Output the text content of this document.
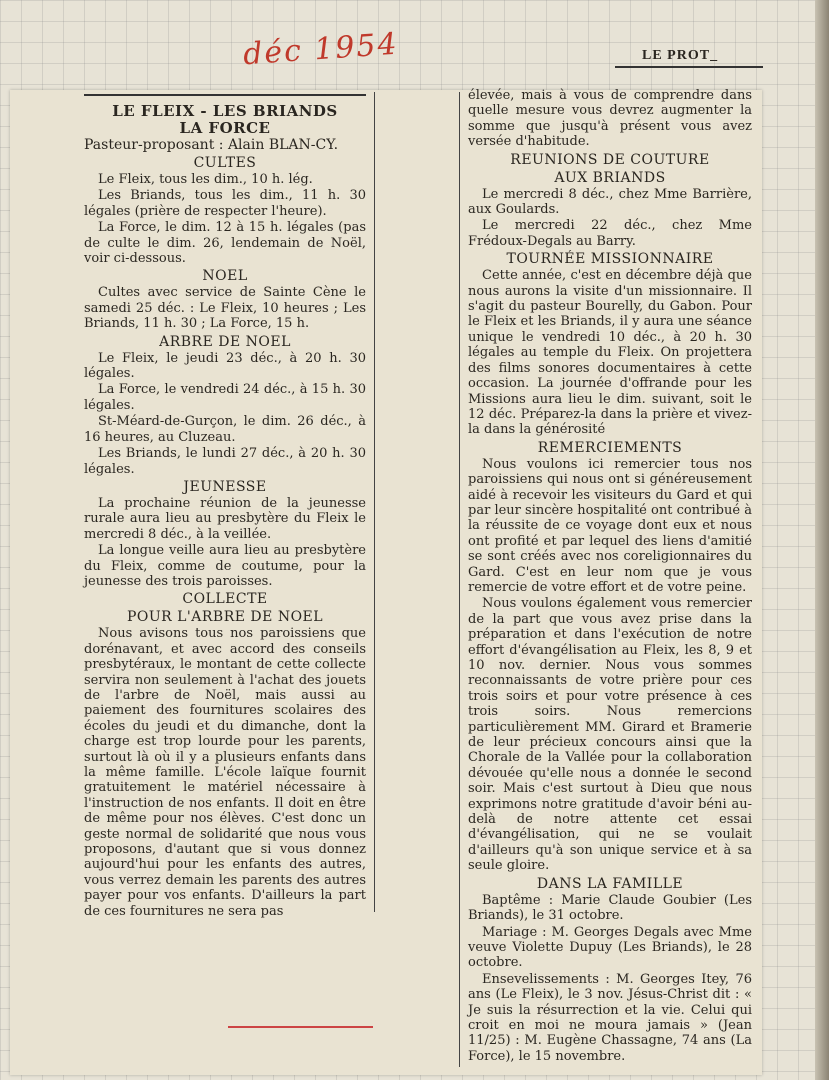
déc 1954	LE PROT_
LE FLEIX - LES BRIANDS
LA FORCE

Pasteur-proposant : Alain BLAN-CY.

CULTES

Le Fleix, tous les dim., 10 h. lég.

Les Briands, tous les dim., 11 h. 30 légales (prière de respecter l'heure).

La Force, le dim. 12 à 15 h. légales (pas de culte le dim. 26, lendemain de Noël, voir ci-dessous.

NOEL

Cultes avec service de Sainte Cène le samedi 25 déc. : Le Fleix, 10 heures ; Les Briands, 11 h. 30 ; La Force, 15 h.

ARBRE DE NOEL

Le Fleix, le jeudi 23 déc., à 20 h. 30 légales.

La Force, le vendredi 24 déc., à 15 h. 30 légales.

St-Méard-de-Gurçon, le dim. 26 déc., à 16 heures, au Cluzeau.

Les Briands, le lundi 27 déc., à 20 h. 30 légales.

JEUNESSE

La prochaine réunion de la jeunesse rurale aura lieu au presbytère du Fleix le mercredi 8 déc., à la veillée.

La longue veille aura lieu au presbytère du Fleix, comme de coutume, pour la jeunesse des trois paroisses.

COLLECTE
POUR L'ARBRE DE NOEL

Nous avisons tous nos paroissiens que dorénavant, et avec accord des conseils presbytéraux, le montant de cette collecte servira non seulement à l'achat des jouets de l'arbre de Noël, mais aussi au paiement des fournitures scolaires des écoles du jeudi et du dimanche, dont la charge est trop lourde pour les parents, surtout là où il y a plusieurs enfants dans la même famille. L'école laïque fournit gratuitement le matériel nécessaire à l'instruction de nos enfants. Il doit en être de même pour nos élèves. C'est donc un geste normal de solidarité que nous vous proposons, d'autant que si vous donnez aujourd'hui pour les enfants des autres, vous verrez demain les parents des autres payer pour vos enfants. D'ailleurs la part de ces fournitures ne sera pas

élevée, mais à vous de comprendre dans quelle mesure vous devrez augmenter la somme que jusqu'à présent vous avez versée d'habitude.

REUNIONS DE COUTURE
AUX BRIANDS

Le mercredi 8 déc., chez Mme Barrière, aux Goulards.

Le mercredi 22 déc., chez Mme Frédoux-Degals au Barry.

TOURNÉE MISSIONNAIRE

Cette année, c'est en décembre déjà que nous aurons la visite d'un missionnaire. Il s'agit du pasteur Bourelly, du Gabon. Pour le Fleix et les Briands, il y aura une séance unique le vendredi 10 déc., à 20 h. 30 légales au temple du Fleix. On projettera des films sonores documentaires à cette occasion. La journée d'offrande pour les Missions aura lieu le dim. suivant, soit le 12 déc. Préparez-la dans la prière et vivez-la dans la générosité

REMERCIEMENTS

Nous voulons ici remercier tous nos paroissiens qui nous ont si généreusement aidé à recevoir les visiteurs du Gard et qui par leur sincère hospitalité ont contribué à la réussite de ce voyage dont eux et nous ont profité et par lequel des liens d'amitié se sont créés avec nos coreligionnaires du Gard. C'est en leur nom que je vous remercie de votre effort et de votre peine.

Nous voulons également vous remercier de la part que vous avez prise dans la préparation et dans l'exécution de notre effort d'évangélisation au Fleix, les 8, 9 et 10 nov. dernier. Nous vous sommes reconnaissants de votre prière pour ces trois soirs et pour votre présence à ces trois soirs. Nous remercions particulièrement MM. Girard et Bramerie de leur précieux concours ainsi que la Chorale de la Vallée pour la collaboration dévouée qu'elle nous a donnée le second soir. Mais c'est surtout à Dieu que nous exprimons notre gratitude d'avoir béni au-delà de notre attente cet essai d'évangélisation, qui ne se voulait d'ailleurs qu'à son unique service et à sa seule gloire.

DANS LA FAMILLE

Baptême : Marie Claude Goubier (Les Briands), le 31 octobre.

Mariage : M. Georges Degals avec Mme veuve Violette Dupuy (Les Briands), le 28 octobre.

Ensevelissements : M. Georges Itey, 76 ans (Le Fleix), le 3 nov. Jésus-Christ dit : « Je suis la résurrection et la vie. Celui qui croit en moi ne moura jamais » (Jean 11/25) : M. Eugène Chassagne, 74 ans (La Force), le 15 novembre.
